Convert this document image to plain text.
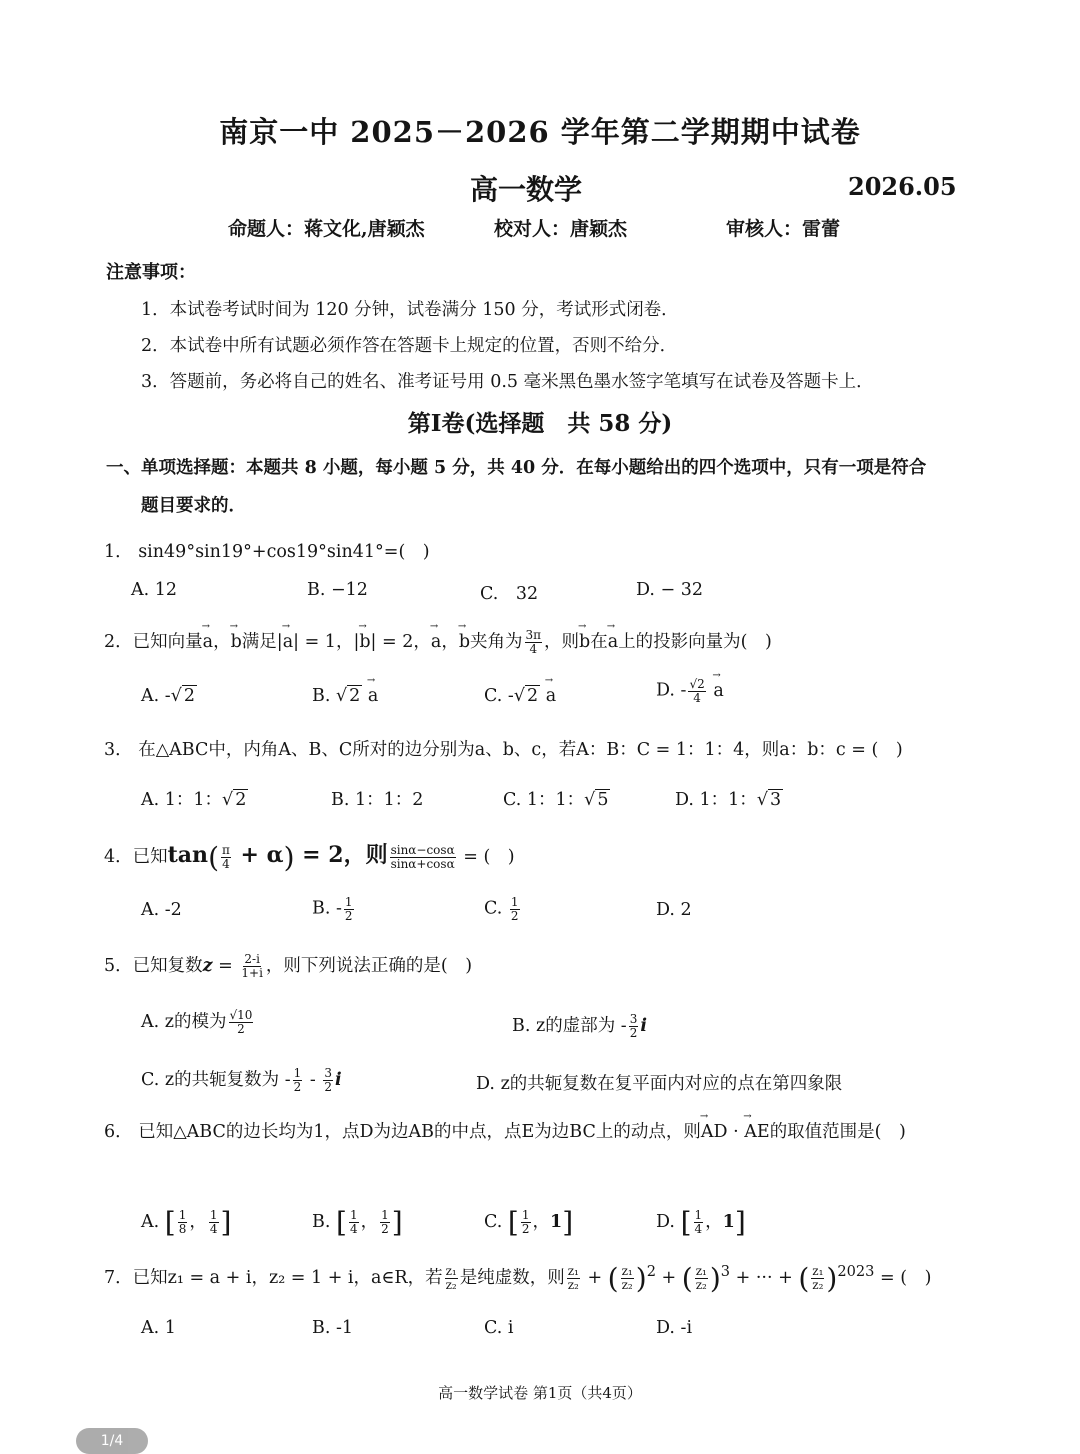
南京一中 2025－2026 学年第二学期期中试卷
高一数学	2026.05
命题人：蒋文化,唐颖杰	校对人：唐颖杰	审核人：雷蕾
注意事项：
1．本试卷考试时间为 120 分钟，试卷满分 150 分，考试形式闭卷．
2．本试卷中所有试题必须作答在答题卡上规定的位置，否则不给分．
3．答题前，务必将自己的姓名、准考证号用 0.5 毫米黑色墨水签字笔填写在试卷及答题卡上．
第Ⅰ卷(选择题　共 58 分)
一、单项选择题：本题共 8 小题，每小题 5 分，共 40 分．在每小题给出的四个选项中，只有一项是符合
题目要求的．
1． sin49°sin19°+cos19°sin41°=(　)
A. 12	B. −12	C.　32	D. − 32
2．已知向量→ a，→ b满足|→ a| = 1，|→ b| = 2，→ a，→ b夹角为 $\frac{3\pi}{4}$ ，则→ b在→ a上的投影向量为(　)
A. -√ 2	B. √ 2 → a	C. -√ 2 → a	D. - $\frac{√2}{4}$
→ a
3． 在△ABC中，内角A、B、C所对的边分别为a、b、c，若A：B：C = 1：1：4，则a：b：c = (　)
A. 1：1：√ 2	B. 1：1：2	C. 1：1：√ 5	D. 1：1：√ 3
4．已知$\tan( \frac{\pi}{4} + \alpha) = 2$，则 $\frac{\sin\alpha-\cos\alpha}{\sin\alpha+\cos\alpha}$ = (　)
A. -2	B. - $\frac{1}{2}$	C. $\frac{1}{2}$	D. 2
5．已知复数$z = \frac{2-i}{1+i}$ ，则下列说法正确的是(　)
A. z的模为 $\frac{√10}{2}$	B. z的虚部为 - $\frac{3}{2}$ i
C. z的共轭复数为 - $\frac{1}{2} - \frac{3}{2}$ i	D. z的共轭复数在复平面内对应的点在第四象限
6． 已知△ABC的边长均为1，点D为边AB的中点，点E为边BC上的动点，则→ AD · → AE的取值范围是(　)
A. [ $\frac{1}{8}$ ， $\frac{1}{4}$ ]	B. [ $\frac{1}{4}$ ， $\frac{1}{2}$ ]	C. [ $\frac{1}{2}$ ，1]	D. [ $\frac{1}{4}$ ，1]
7．已知z₁ = a + i，z₂ = 1 + i，a∈R，若 $\frac{\text{z₁}}{\text{z₂}}$ 是纯虚数，则 $\frac{\text{z₁}}{\text{z₂}}$ + ( $\frac{\text{z₁}}{\text{z₂}} )^2$ + ( $\frac{\text{z₁}}{\text{z₂}} )^3$ + ··· + ( $\frac{\text{z₁}}{\text{z₂}} )^{2023}$ = (　)
A. 1	B. -1	C. i	D. -i
高一数学试卷 第1页（共4页）
1/4
